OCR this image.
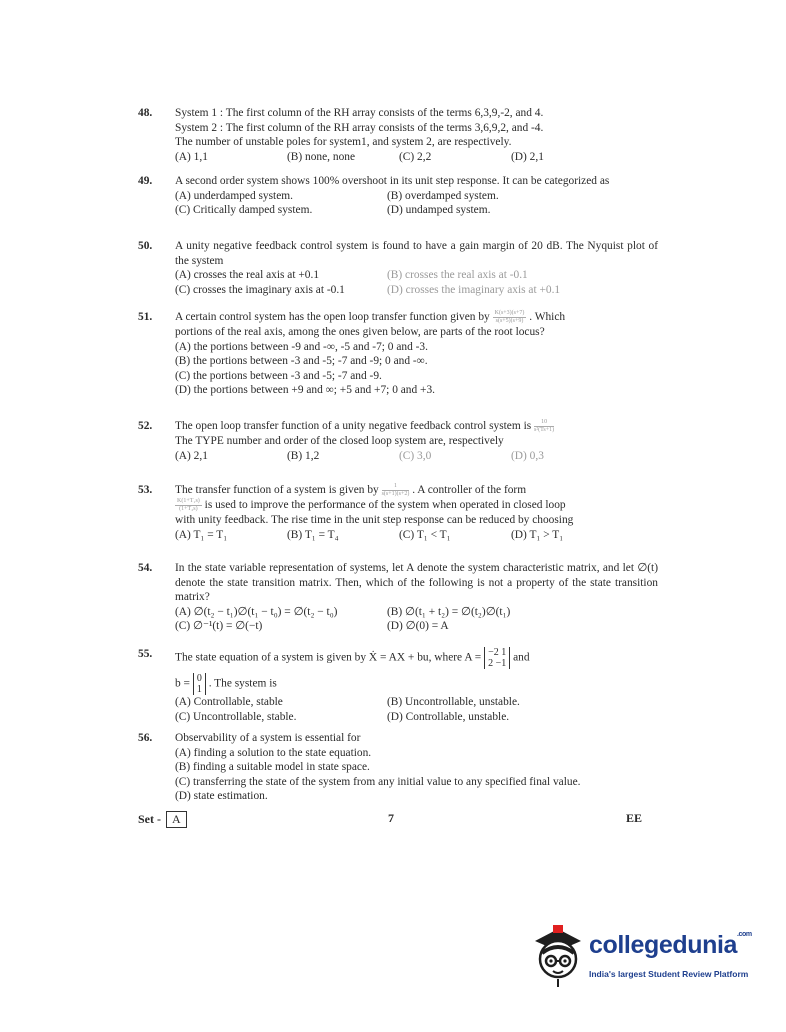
48.	System 1 : The first column of the RH array consists of the terms 6,3,9,-2, and 4.
System 2 : The first column of the RH array consists of the terms 3,6,9,2, and -4.
The number of unstable poles for system1, and system 2, are respectively.
(A) 1,1	(B) none, none	(C) 2,2	(D) 2,1
49.	A second order system shows 100% overshoot in its unit step response. It can be categorized as
(A) underdamped system.	(B) overdamped system.
(C) Critically damped system.	(D) undamped system.
50.	A unity negative feedback control system is found to have a gain margin of 20 dB. The Nyquist plot of the system
(A) crosses the real axis at +0.1	(B) crosses the real axis at -0.1
(C) crosses the imaginary axis at -0.1	(D) crosses the imaginary axis at +0.1
51.	A certain control system has the open loop transfer function given by $\frac{K(s+3)(s+7)}{s(s+5)(s+9)}$ . Which
portions of the real axis, among the ones given below, are parts of the root locus?
(A) the portions between -9 and -∞, -5 and -7; 0 and -3.
(B) the portions between -3 and -5; -7 and -9; 0 and -∞.
(C) the portions between -3 and -5; -7 and -9.
(D) the portions between +9 and ∞; +5 and +7; 0 and +3.
52.	The open loop transfer function of a unity negative feedback control system is $\frac{10}{\text{s²(Ts+1)}}$
The TYPE number and order of the closed loop system are, respectively
(A) 2,1	(B) 1,2	(C) 3,0	(D) 0,3
53.	The transfer function of a system is given by $\frac{1}{s(s+1)(s+2)}$ . A controller of the form
$\frac{\text{K(1+T₁s)}}{\text{(1+T₂s)}}$ is used to improve the performance of the system when operated in closed loop
with unity feedback. The rise time in the unit step response can be reduced by choosing
(A) T₁ = T₁	(B) T₁ = T₄	(C) T₁ < T₁	(D) T₁ > T₁
54.	In the state variable representation of systems, let A denote the system characteristic matrix, and let ∅(t) denote the state transition matrix. Then, which of the following is not a property of the state transition matrix?
(A) ∅(t₂ − t₁)∅(t₁ − t₀) = ∅(t₂ − t₀)	(B) ∅(t₁ + t₂) = ∅(t₂)∅(t₁)
(C) ∅⁻¹(t) = ∅(−t)	(D) ∅(0) = A
55.	The state equation of a system is given by Ẋ = AX + bu, where A = −2 1
2 −1 and
b = 0
1 . The system is
(A) Controllable, stable	(B) Uncontrollable, unstable.
(C) Uncontrollable, stable.	(D) Controllable, unstable.
56.	Observability of a system is essential for
(A) finding a solution to the state equation.
(B) finding a suitable model in state space.
(C) transferring the state of the system from any initial value to any specified final value.
(D) state estimation.
Set - A	7	EE
collegedunia$^{.com}$
India's largest Student Review Platform
